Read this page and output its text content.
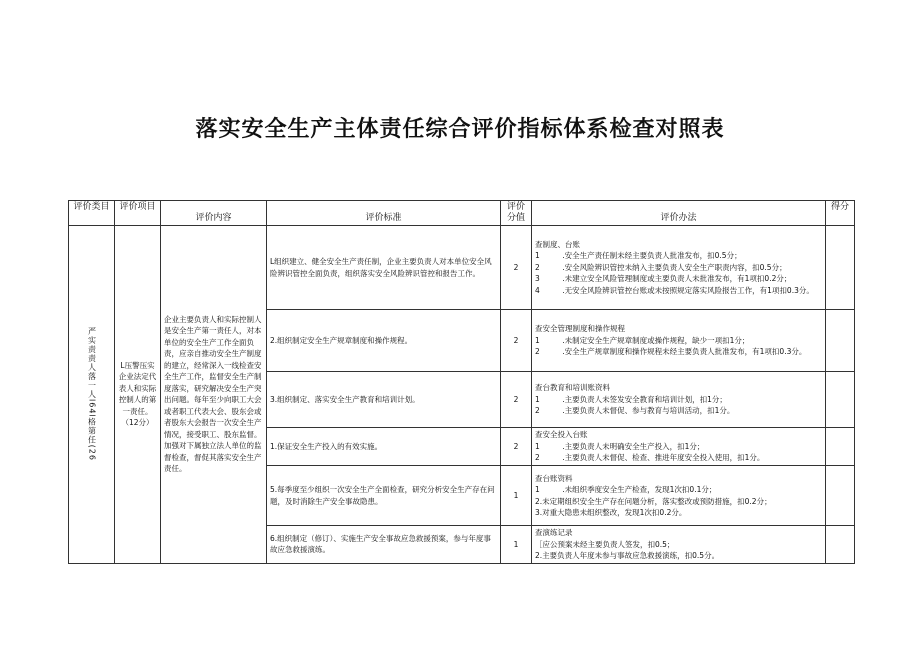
落实安全生产主体责任综合评价指标体系检查对照表
评价类目	评价项目	评价内容	评价标准	评价分值	评价办法	得分

严实责责人落一人l64l格第任(26	L压警压实企业法定代表人和实际控制人的第一责任。（12分）	企业主要负责人和实际控制人是安全生产第一责任人，对本单位的安全生产工作全面负责，应亲自推动安全生产制度的建立，经常深入一线检查安全生产工作，监督安全生产制度落实，研究解决安全生产突出问题。每年至少向职工大会或者职工代表大会、股东会或者股东大会报告一次安全生产情况，接受职工、股东监督。加强对下属独立法人单位的监督检查，督促其落实安全生产责任。	L组织建立、健全安全生产责任制，企业主要负责人对本单位安全风险辨识管控全面负责，组织落实安全风险辨识管控和报告工作。	2	查制度、台账
1　　　.安全生产责任制未经主要负责人批准发布，扣0.5分；
2　　　.安全风险辨识管控未纳入主要负责人安全生产职责内容，扣0.5分；
3　　　.未建立安全风险管理制度或主要负责人未批准发布，有1项扣0.2分；
4　　　.无安全风险辨识管控台账或未按照规定落实风险报告工作，有1项扣0.3分。	

			2.组织制定安全生产规章制度和操作规程。	2	查安全管理制度和操作规程
1　　　.未制定安全生产规章制度或操作规程，缺少一项扣1分；
2　　　.安全生产规章制度和操作规程未经主要负责人批准发布，有1项扣0.3分。	

			3.组织制定、落实安全生产教育和培训计划。	2	查台教育和培训账资料
1　　　.主要负责人未签发安全教育和培训计划，扣1分；
2　　　.主要负责人未督促、参与教育与培训活动，扣1分。	

			1.保证安全生产投入的有效实施。	2	查安全投入台账
1　　　.主要负责人未明确安全生产投入，扣1分；
2　　　.主要负责人未督促、检查、推进年度安全投入使用，扣1分。	

			5.每季度至少组织一次安全生产全面检查，研究分析安全生产存在问题，及时消除生产安全事故隐患。	1	查台账资料
1　　　.未组织季度安全生产检查，发现1次扣0.1分；
2.未定期组织安全生产存在问题分析，落实整改或预防措施，扣0.2分；
3.对重大隐患未组织整改，发现1次扣0.2分。	

			6.组织制定（修订）、实施生产安全事故应急救援预案，参与年度事故应急救援演练。	1	查演练记录
［应公预案未经主要负责人签发，扣0.5；
2.主要负责人年度未参与事故应急救援演练，扣0.5分。	
